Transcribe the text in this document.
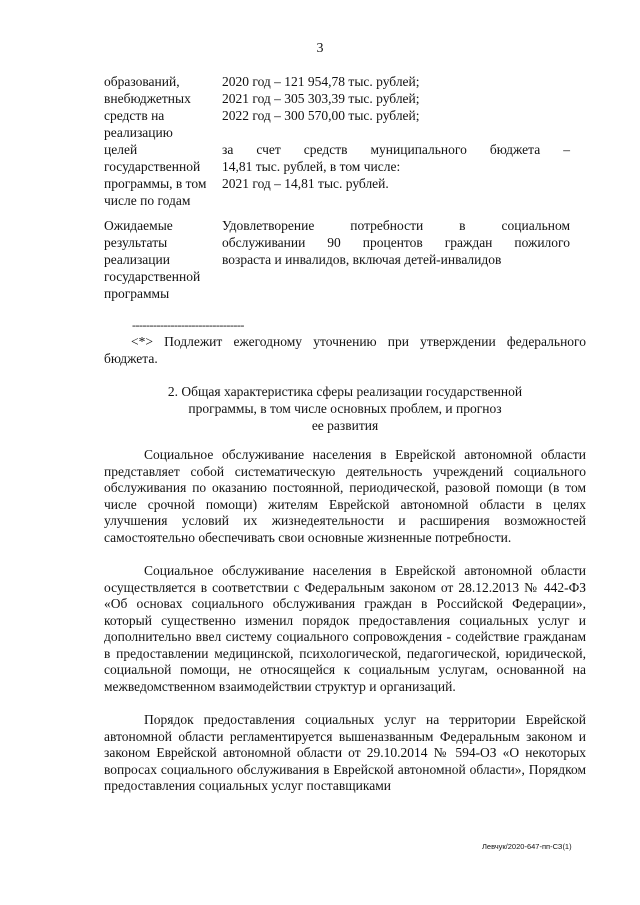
3
образований,
внебюджетных
средств на
реализацию
целей
государственной
программы, в том
числе по годам
2020 год – 121 954,78 тыс. рублей;
2021 год – 305 303,39 тыс. рублей;
2022 год – 300 570,00 тыс. рублей;
за счет средств муниципального бюджета –
14,81 тыс. рублей, в том числе:
2021 год – 14,81 тыс. рублей.
Ожидаемые
результаты
реализации
государственной
программы
Удовлетворение потребности в социальном
обслуживании 90 процентов граждан пожилого
возраста и инвалидов, включая детей-инвалидов
--------------------------------
<*> Подлежит ежегодному уточнению при утверждении федерального бюджета.
2. Общая характеристика сферы реализации государственной
программы, в том числе основных проблем, и прогноз
ее развития
Социальное обслуживание населения в Еврейской автономной области представляет собой систематическую деятельность учреждений социального обслуживания по оказанию постоянной, периодической, разовой помощи (в том числе срочной помощи) жителям Еврейской автономной области в целях улучшения условий их жизнедеятельности и расширения возможностей самостоятельно обеспечивать свои основные жизненные потребности.
Социальное обслуживание населения в Еврейской автономной области осуществляется в соответствии с Федеральным законом от 28.12.2013 № 442-ФЗ «Об основах социального обслуживания граждан в Российской Федерации», который существенно изменил порядок предоставления социальных услуг и дополнительно ввел систему социального сопровождения - содействие гражданам в предоставлении медицинской, психологической, педагогической, юридической, социальной помощи, не относящейся к социальным услугам, основанной на межведомственном взаимодействии структур и организаций.
Порядок предоставления социальных услуг на территории Еврейской автономной области регламентируется вышеназванным Федеральным законом и законом Еврейской автономной области от 29.10.2014 № 594-ОЗ «О некоторых вопросах социального обслуживания в Еврейской автономной области», Порядком предоставления социальных услуг поставщиками
Левчук/2020-647-пп-СЗ(1)
